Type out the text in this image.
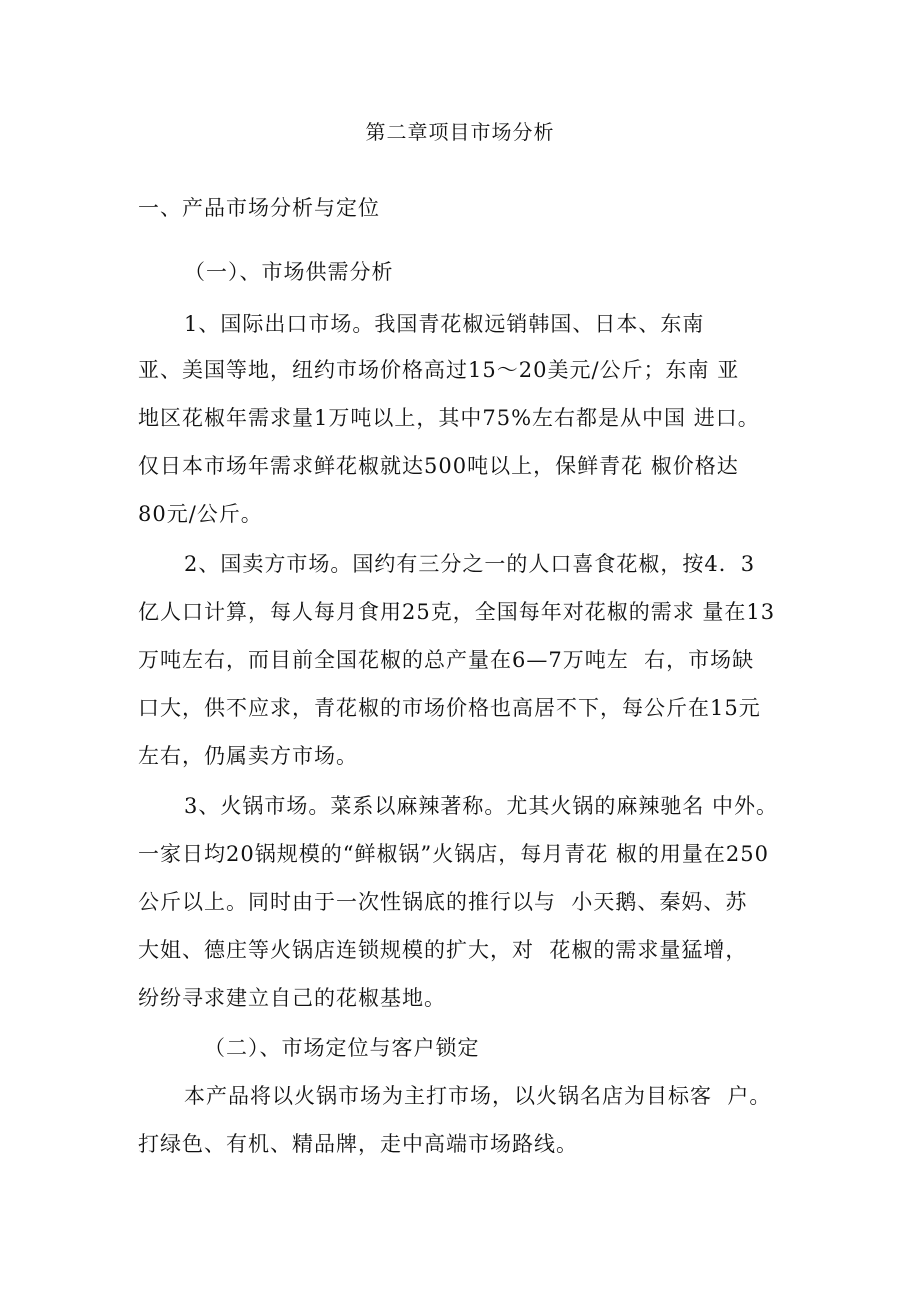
第二章项目市场分析
一、产品市场分析与定位
（一）、市场供需分析
1、国际出口市场。我国青花椒远销韩国、日本、东南
亚、美国等地，纽约市场价格高过15～20美元/公斤；东南 亚
地区花椒年需求量1万吨以上，其中75%左右都是从中国 进口。
仅日本市场年需求鲜花椒就达500吨以上，保鲜青花 椒价格达
80元/公斤。
2、国卖方市场。国约有三分之一的人口喜食花椒，按4．3
亿人口计算，每人每月食用25克，全国每年对花椒的需求 量在13
万吨左右，而目前全国花椒的总产量在6—7万吨左  右，市场缺
口大，供不应求，青花椒的市场价格也高居不下，每公斤在15元
左右，仍属卖方市场。
3、火锅市场。菜系以麻辣著称。尤其火锅的麻辣驰名 中外。
一家日均20锅规模的“鲜椒锅”火锅店，每月青花 椒的用量在250
公斤以上。同时由于一次性锅底的推行以与  小天鹅、秦妈、苏
大姐、德庄等火锅店连锁规模的扩大，对  花椒的需求量猛增，
纷纷寻求建立自己的花椒基地。
（二）、市场定位与客户锁定
本产品将以火锅市场为主打市场，以火锅名店为目标客  户。
打绿色、有机、精品牌，走中高端市场路线。
